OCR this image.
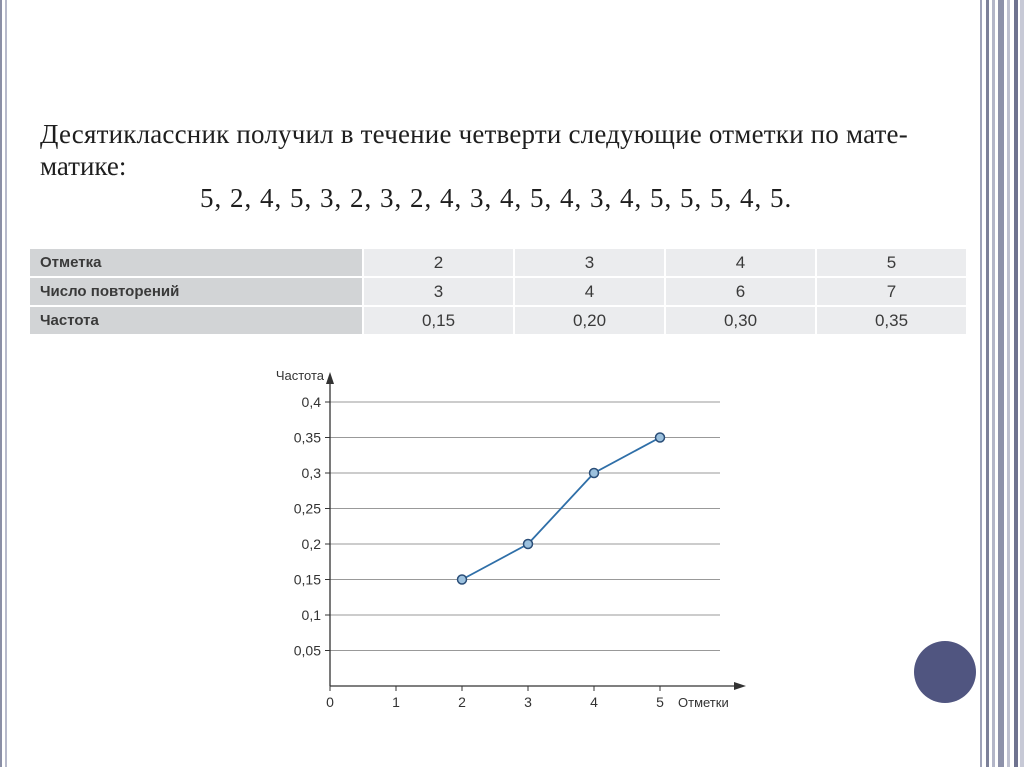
Десятиклассник получил в течение четверти следующие отметки по мате-
матике:
5, 2, 4, 5, 3, 2, 3, 2, 4, 3, 4, 5, 4, 3, 4, 5, 5, 5, 4, 5.
Отметка	2	3	4	5
Число повторений	3	4	6	7
Частота	0,15	0,20	0,30	0,35
0,05
0,1
0,15
0,2
0,25
0,3
0,35
0,4
0	1	2	3	4	5
Частота
Отметки
